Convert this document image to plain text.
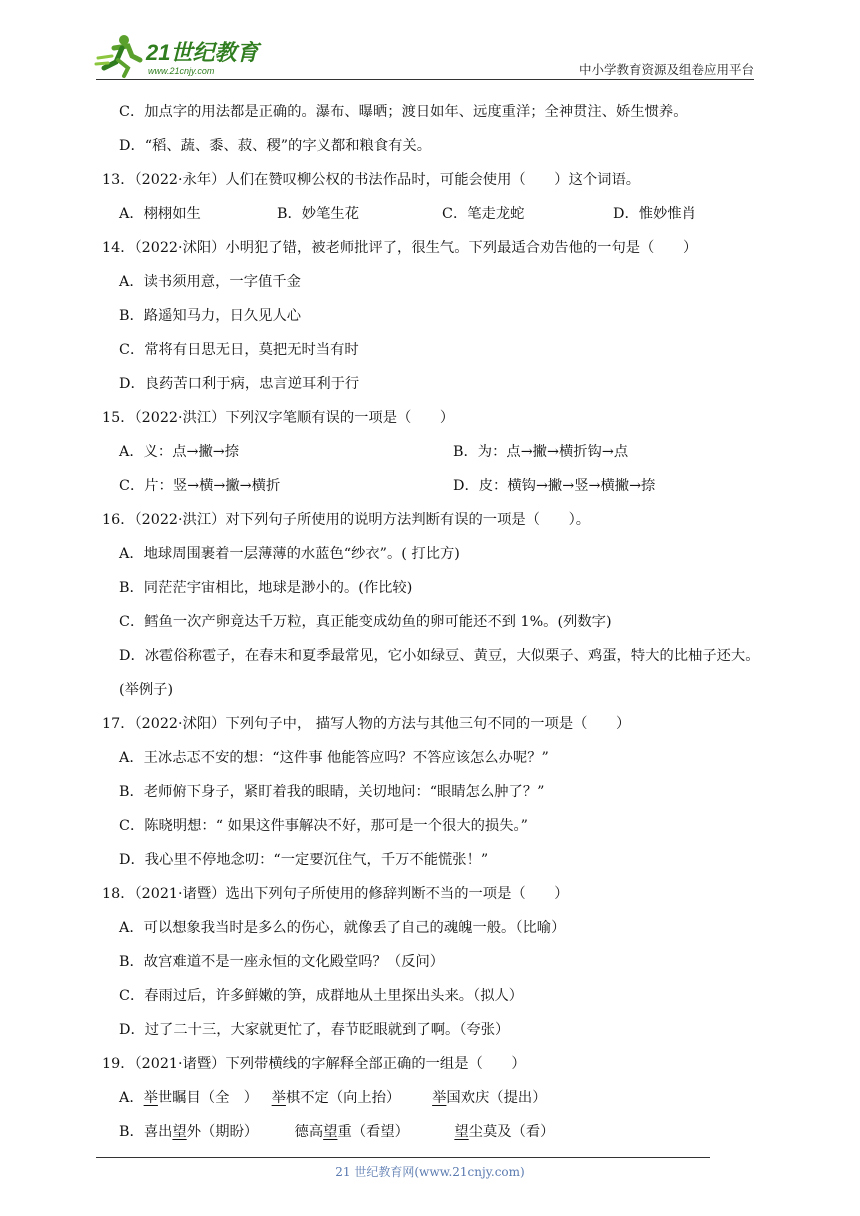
21世纪教育
www.21cnjy.com	中小学教育资源及组卷应用平台
C．加点字的用法都是正确的。瀑布、曝晒；渡日如年、远度重洋；全神贯注、娇生惯养。
D．“稻、蔬、黍、菽、稷”的字义都和粮食有关。
13．（2022·永年）人们在赞叹柳公权的书法作品时，可能会使用（　　）这个词语。
A．栩栩如生	B．妙笔生花	C．笔走龙蛇	D．惟妙惟肖
14．（2022·沭阳）小明犯了错，被老师批评了，很生气。下列最适合劝告他的一句是（　　）
A．读书须用意，一字值千金
B．路遥知马力，日久见人心
C．常将有日思无日，莫把无时当有时
D．良药苦口利于病，忠言逆耳利于行
15．（2022·洪江）下列汉字笔顺有误的一项是（　　）
A．义：点→撇→捺	B．为：点→撇→横折钩→点
C．片：竖→横→撇→横折	D．皮：横钩→撇→竖→横撇→捺
16．（2022·洪江）对下列句子所使用的说明方法判断有误的一项是（　　）。
A．地球周围裹着一层薄薄的水蓝色“纱衣”。( 打比方)
B．同茫茫宇宙相比，地球是渺小的。(作比较)
C．鳕鱼一次产卵竟达千万粒，真正能变成幼鱼的卵可能还不到 1%。(列数字)
D．冰雹俗称雹子，在春末和夏季最常见，它小如绿豆、黄豆，大似栗子、鸡蛋，特大的比柚子还大。(举例子)
17．（2022·沭阳）下列句子中， 描写人物的方法与其他三句不同的一项是（　　）
A．王冰忐忑不安的想：“这件事 他能答应吗？不答应该怎么办呢？”
B．老师俯下身子，紧盯着我的眼睛，关切地问：“眼睛怎么肿了？”
C．陈晓明想：“ 如果这件事解决不好，那可是一个很大的损失。”
D．我心里不停地念叨：“一定要沉住气，千万不能慌张！”
18．（2021·诸暨）选出下列句子所使用的修辞判断不当的一项是（　　）
A．可以想象我当时是多么的伤心，就像丢了自己的魂魄一般。（比喻）
B．故宫难道不是一座永恒的文化殿堂吗？（反问）
C．春雨过后，许多鲜嫩的笋，成群地从土里探出头来。（拟人）
D．过了二十三，大家就更忙了，春节眨眼就到了啊。（夸张）
19．（2021·诸暨）下列带横线的字解释全部正确的一组是（　　）
A．举世瞩目（全　） 举棋不定（向上抬） 举国欢庆（提出）
B．喜出望外（期盼）	德高望重（看望）	望尘莫及（看）
21 世纪教育网(www.21cnjy.com)
